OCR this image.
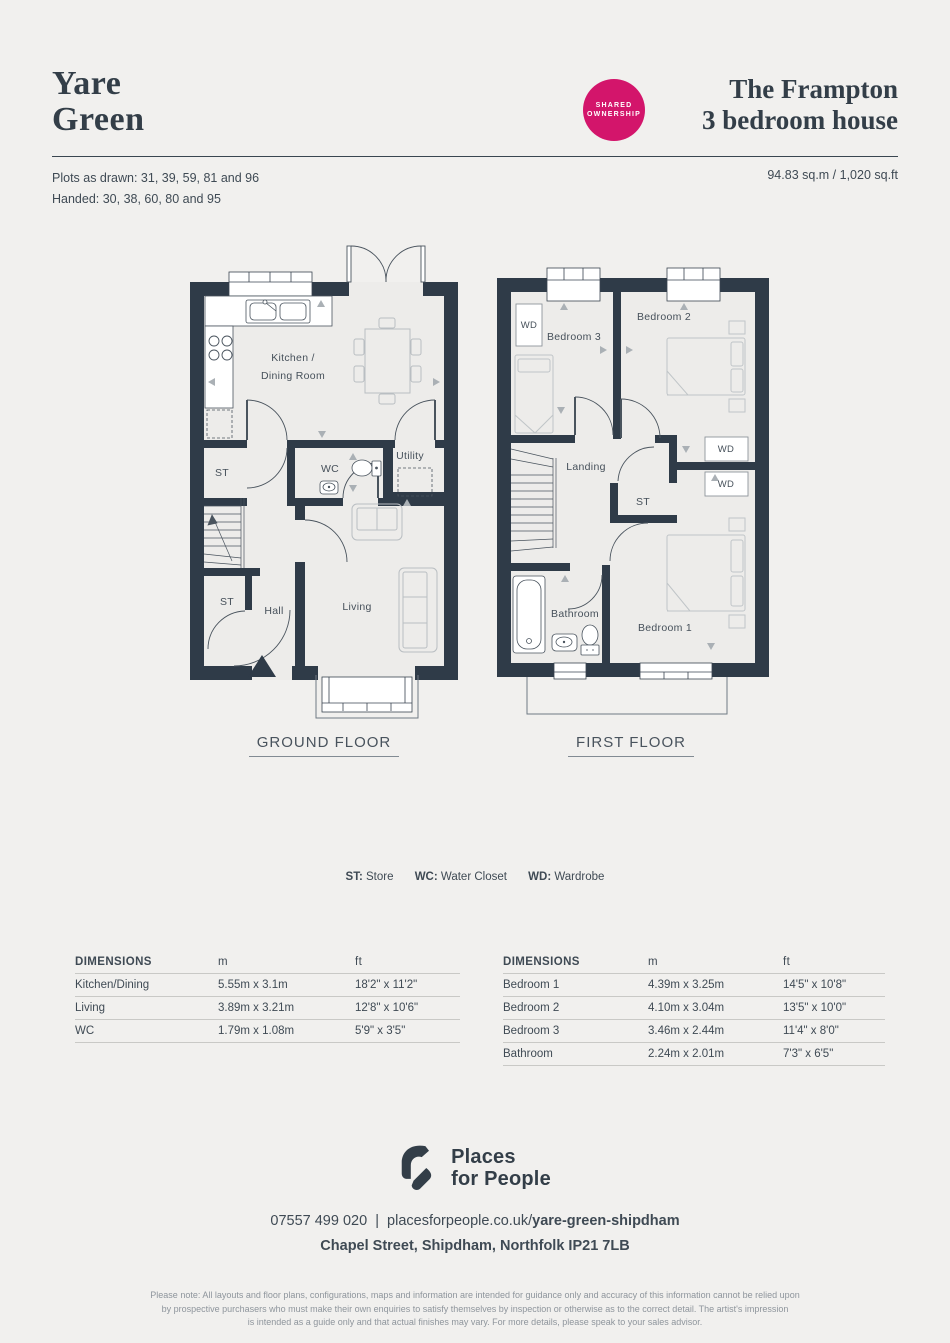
Yare
Green	SHARED
OWNERSHIP
The Frampton
3 bedroom house
Plots as drawn: 31, 39, 59, 81 and 96
Handed: 30, 38, 60, 80 and 95
94.83 sq.m / 1,020 sq.ft
Kitchen /
Dining Room
ST	WC
Utility
ST
Hall	Living
WD
Bedroom 3
Bedroom 2
Landing
ST
WD
WD
Bathroom
Bedroom 1
GROUND FLOOR	FIRST FLOOR
ST: Store WC: Water Closet WD: Wardrobe
DIMENSIONS	m	ft
Kitchen/Dining	5.55m x 3.1m	18'2" x 11'2"
Living	3.89m x 3.21m	12'8" x 10'6"
WC	1.79m x 1.08m	5'9" x 3'5"
DIMENSIONS	m	ft
Bedroom 1	4.39m x 3.25m	14'5" x 10'8"
Bedroom 2	4.10m x 3.04m	13'5" x 10'0"
Bedroom 3	3.46m x 2.44m	11'4" x 8'0"
Bathroom	2.24m x 2.01m	7'3" x 6'5"
Places
for People
07557 499 020 | placesforpeople.co.uk/yare-green-shipdham
Chapel Street, Shipdham, Northfolk IP21 7LB
Please note: All layouts and floor plans, configurations, maps and information are intended for guidance only and accuracy of this information cannot be relied upon
by prospective purchasers who must make their own enquiries to satisfy themselves by inspection or otherwise as to the correct detail. The artist's impression
is intended as a guide only and that actual finishes may vary. For more details, please speak to your sales advisor.
